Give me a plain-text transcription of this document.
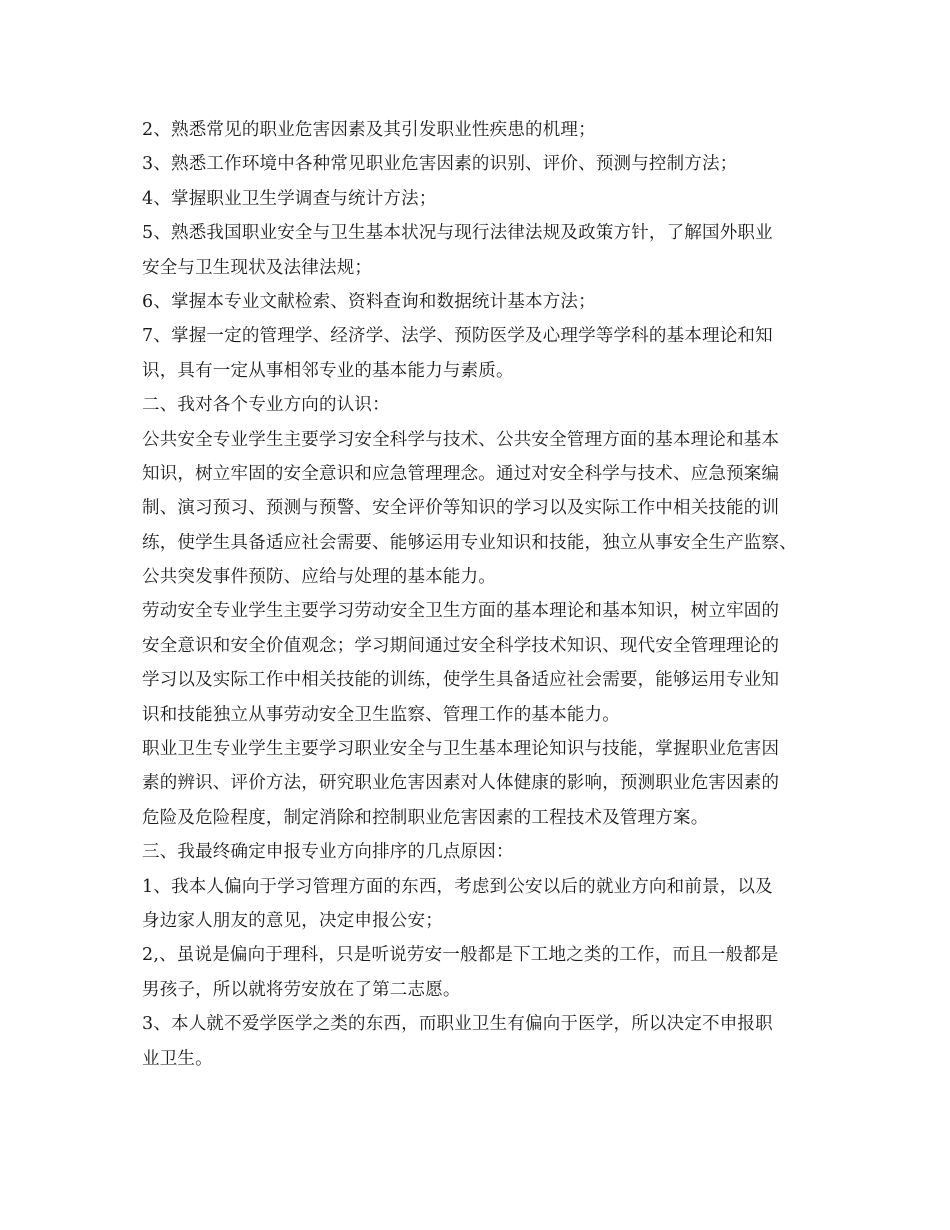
2、熟悉常见的职业危害因素及其引发职业性疾患的机理；
3、熟悉工作环境中各种常见职业危害因素的识别、评价、预测与控制方法；
4、掌握职业卫生学调查与统计方法；
5、熟悉我国职业安全与卫生基本状况与现行法律法规及政策方针，了解国外职业
安全与卫生现状及法律法规；
6、掌握本专业文献检索、资料查询和数据统计基本方法；
7、掌握一定的管理学、经济学、法学、预防医学及心理学等学科的基本理论和知
识，具有一定从事相邻专业的基本能力与素质。
二、我对各个专业方向的认识：
公共安全专业学生主要学习安全科学与技术、公共安全管理方面的基本理论和基本
知识，树立牢固的安全意识和应急管理理念。通过对安全科学与技术、应急预案编
制、演习预习、预测与预警、安全评价等知识的学习以及实际工作中相关技能的训
练，使学生具备适应社会需要、能够运用专业知识和技能，独立从事安全生产监察、
公共突发事件预防、应给与处理的基本能力。
劳动安全专业学生主要学习劳动安全卫生方面的基本理论和基本知识，树立牢固的
安全意识和安全价值观念；学习期间通过安全科学技术知识、现代安全管理理论的
学习以及实际工作中相关技能的训练，使学生具备适应社会需要，能够运用专业知
识和技能独立从事劳动安全卫生监察、管理工作的基本能力。
职业卫生专业学生主要学习职业安全与卫生基本理论知识与技能，掌握职业危害因
素的辨识、评价方法，研究职业危害因素对人体健康的影响，预测职业危害因素的
危险及危险程度，制定消除和控制职业危害因素的工程技术及管理方案。
三、我最终确定申报专业方向排序的几点原因：
1、我本人偏向于学习管理方面的东西，考虑到公安以后的就业方向和前景，以及
身边家人朋友的意见，决定申报公安；
2,、虽说是偏向于理科，只是听说劳安一般都是下工地之类的工作，而且一般都是
男孩子，所以就将劳安放在了第二志愿。
3、本人就不爱学医学之类的东西，而职业卫生有偏向于医学，所以决定不申报职
业卫生。
